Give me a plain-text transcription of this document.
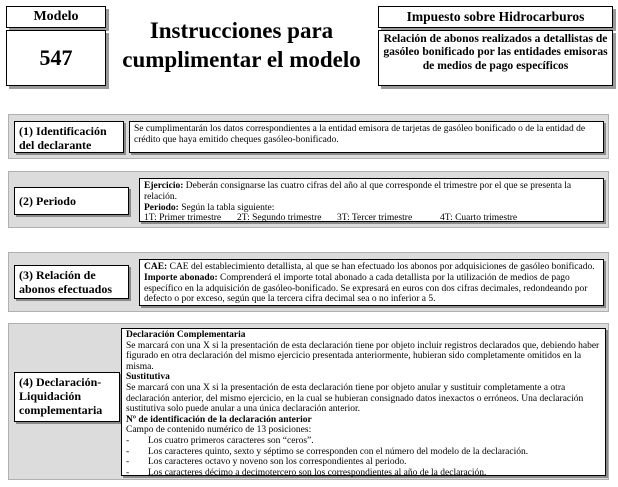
Modelo
547
Instrucciones para
cumplimentar el modelo
Impuesto sobre Hidrocarburos
Relación de abonos realizados a detallistas de gasóleo bonificado por las entidades emisoras de medios de pago específicos
(1) Identificación
del declarante

Se cumplimentarán los datos correspondientes a la entidad emisora de tarjetas de gasóleo bonificado o de la entidad de crédito que haya emitido cheques gasóleo-bonificado.

(2) Periodo

Ejercicio: Deberán consignarse las cuatro cifras del año al que corresponde el trimestre por el que se presenta la relación.

Periodo: Según la tabla siguiente:

1T: Primer trimestre	2T: Segundo trimestre	3T: Tercer trimestre	4T: Cuarto trimestre
(3) Relación de
abonos efectuados

CAE: CAE del establecimiento detallista, al que se han efectuado los abonos por adquisiciones de gasóleo bonificado.

Importe abonado: Comprenderá el importe total abonado a cada detallista por la utilización de medios de pago específico en la adquisición de gasóleo-bonificado. Se expresará en euros con dos cifras decimales, redondeando por defecto o por exceso, según que la tercera cifra decimal sea o no inferior a 5.

(4) Declaración-
Liquidación
complementaria

Declaración Complementaria

Se marcará con una X si la presentación de esta declaración tiene por objeto incluir registros declarados que, debiendo haber figurado en otra declaración del mismo ejercicio presentada anteriormente, hubieran sido completamente omitidos en la misma.

Sustitutiva

Se marcará con una X si la presentación de esta declaración tiene por objeto anular y sustituir completamente a otra declaración anterior, del mismo ejercicio, en la cual se hubieran consignado datos inexactos o erróneos. Una declaración sustitutiva solo puede anular a una única declaración anterior.

Nº de identificación de la declaración anterior

Campo de contenido numérico de 13 posiciones:

-	Los cuatro primeros caracteres son “ceros”.
-	Los caracteres quinto, sexto y séptimo se corresponden con el número del modelo de la declaración.
-	Los caracteres octavo y noveno son los correspondientes al periodo.
-	Los caracteres décimo a decimotercero son los correspondientes al año de la declaración.
